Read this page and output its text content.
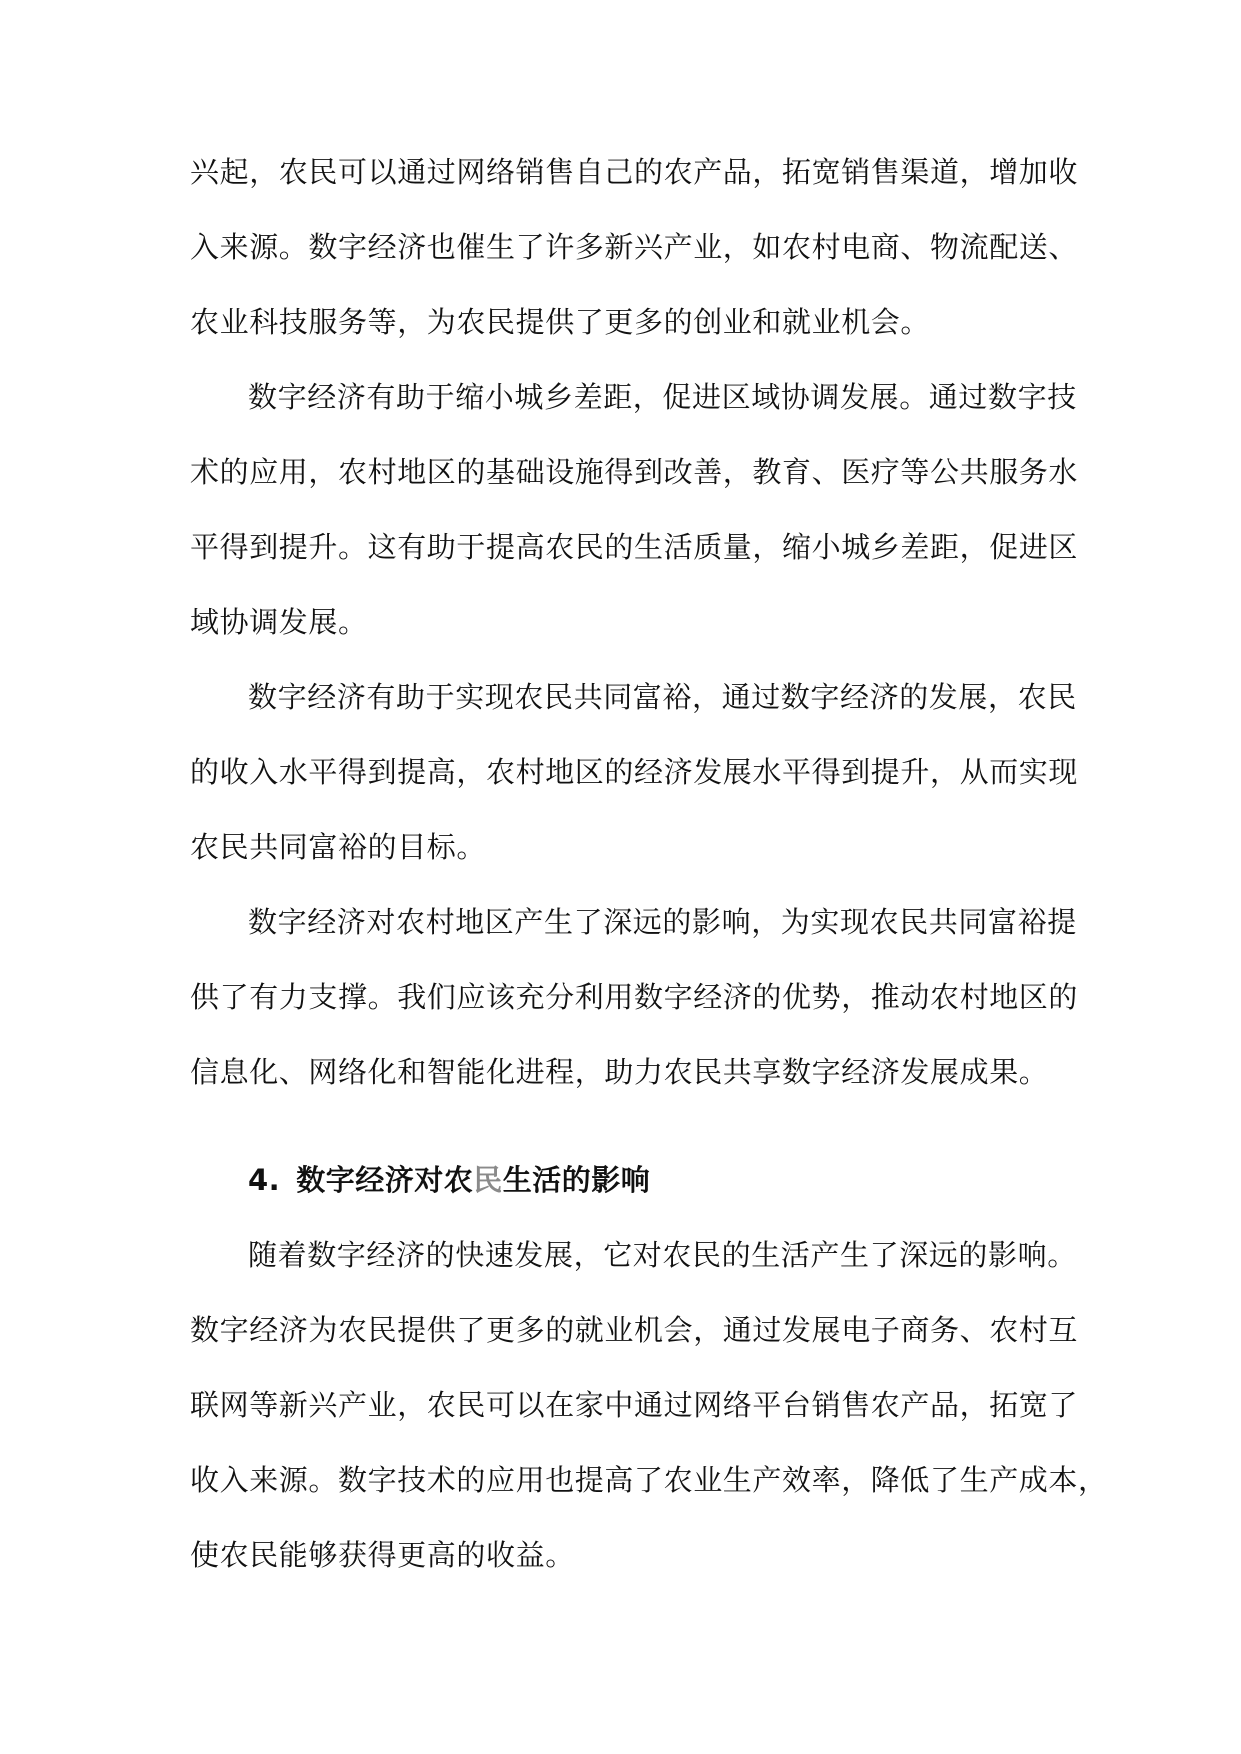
兴起，农民可以通过网络销售自己的农产品，拓宽销售渠道，增加收
入来源。数字经济也催生了许多新兴产业，如农村电商、物流配送、
农业科技服务等，为农民提供了更多的创业和就业机会。
数字经济有助于缩小城乡差距，促进区域协调发展。通过数字技
术的应用，农村地区的基础设施得到改善，教育、医疗等公共服务水
平得到提升。这有助于提高农民的生活质量，缩小城乡差距，促进区
域协调发展。
数字经济有助于实现农民共同富裕，通过数字经济的发展，农民
的收入水平得到提高，农村地区的经济发展水平得到提升，从而实现
农民共同富裕的目标。
数字经济对农村地区产生了深远的影响，为实现农民共同富裕提
供了有力支撑。我们应该充分利用数字经济的优势，推动农村地区的
信息化、网络化和智能化进程，助力农民共享数字经济发展成果。
4. 数字经济对农民生活的影响
随着数字经济的快速发展，它对农民的生活产生了深远的影响。
数字经济为农民提供了更多的就业机会，通过发展电子商务、农村互
联网等新兴产业，农民可以在家中通过网络平台销售农产品，拓宽了
收入来源。数字技术的应用也提高了农业生产效率，降低了生产成本，
使农民能够获得更高的收益。
